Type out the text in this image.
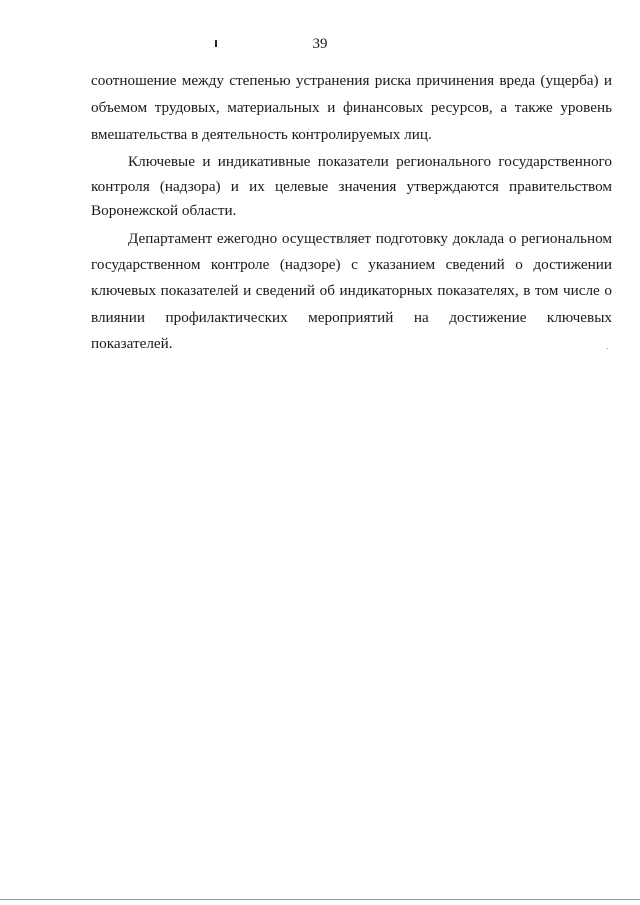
39
соотношение между степенью устранения риска причинения вреда (ущерба) и
объемом трудовых, материальных и финансовых ресурсов, а также уровень
вмешательства в деятельность контролируемых лиц.
Ключевые и индикативные показатели регионального государственного
контроля (надзора) и их целевые значения утверждаются правительством
Воронежской области.
Департамент ежегодно осуществляет подготовку доклада о региональном
государственном контроле (надзоре) с указанием сведений о достижении
ключевых показателей и сведений об индикаторных показателях, в том числе о
влиянии профилактических мероприятий на достижение ключевых
показателей.
